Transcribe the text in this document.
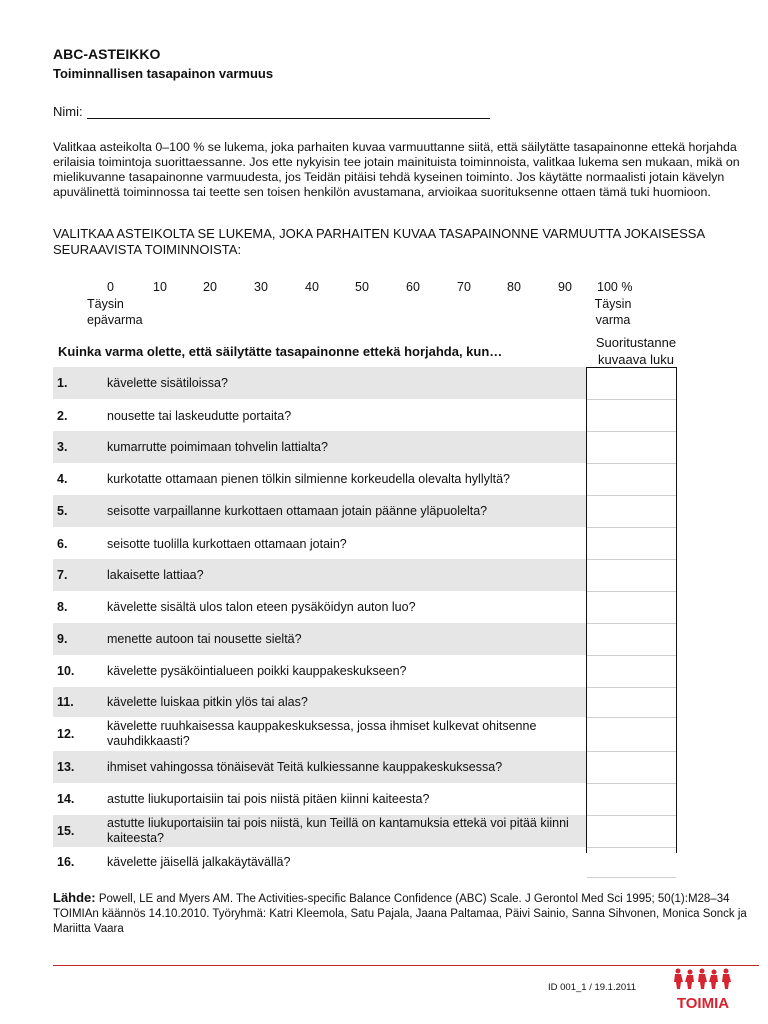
ABC-ASTEIKKO
Toiminnallisen tasapainon varmuus
Nimi:
Valitkaa asteikolta 0–100 % se lukema, joka parhaiten kuvaa varmuuttanne siitä, että säilytätte tasapainonne ettekä horjahda erilaisia toimintoja suorittaessanne. Jos ette nykyisin tee jotain mainituista toiminnoista, valitkaa lukema sen mukaan, mikä on mielikuvanne tasapainonne varmuudesta, jos Teidän pitäisi tehdä kyseinen toiminto. Jos käytätte normaalisti jotain kävelyn apuvälinettä toiminnossa tai teette sen toisen henkilön avustamana, arvioikaa suorituksenne ottaen tämä tuki huomioon.
VALITKAA ASTEIKOLTA SE LUKEMA, JOKA PARHAITEN KUVAA TASAPAINONNE VARMUUTTA JOKAISESSA SEURAAVISTA TOIMINNOISTA:
0	10	20	30	40	50	60	70	80	90 100 %
Täysin
epävarma
Täysin
varma
Kuinka varma olette, että säilytätte tasapainonne ettekä horjahda, kun…
Suoritustanne
kuvaava luku
1.	kävelette sisätiloissa?
2.	nousette tai laskeudutte portaita?
3.	kumarrutte poimimaan tohvelin lattialta?
4.	kurkotatte ottamaan pienen tölkin silmienne korkeudella olevalta hyllyltä?
5.	seisotte varpaillanne kurkottaen ottamaan jotain päänne yläpuolelta?
6.	seisotte tuolilla kurkottaen ottamaan jotain?
7.	lakaisette lattiaa?
8.	kävelette sisältä ulos talon eteen pysäköidyn auton luo?
9.	menette autoon tai nousette sieltä?
10.	kävelette pysäköintialueen poikki kauppakeskukseen?
11.	kävelette luiskaa pitkin ylös tai alas?
12.
kävelette ruuhkaisessa kauppakeskuksessa, jossa ihmiset kulkevat ohitsenne vauhdikkaasti?
13.	ihmiset vahingossa tönäisevät Teitä kulkiessanne kauppakeskuksessa?
14.	astutte liukuportaisiin tai pois niistä pitäen kiinni kaiteesta?
15.
astutte liukuportaisiin tai pois niistä, kun Teillä on kantamuksia ettekä voi pitää kiinni kaiteesta?
16.	kävelette jäisellä jalkakäytävällä?
Lähde: Powell, LE and Myers AM. The Activities-specific Balance Confidence (ABC) Scale. J Gerontol Med Sci 1995; 50(1):M28–34
TOIMIAn käännös 14.10.2010. Työryhmä: Katri Kleemola, Satu Pajala, Jaana Paltamaa, Päivi Sainio, Sanna Sihvonen, Monica Sonck ja Mariitta Vaara
ID 001_1 / 19.1.2011
TOIMIA
